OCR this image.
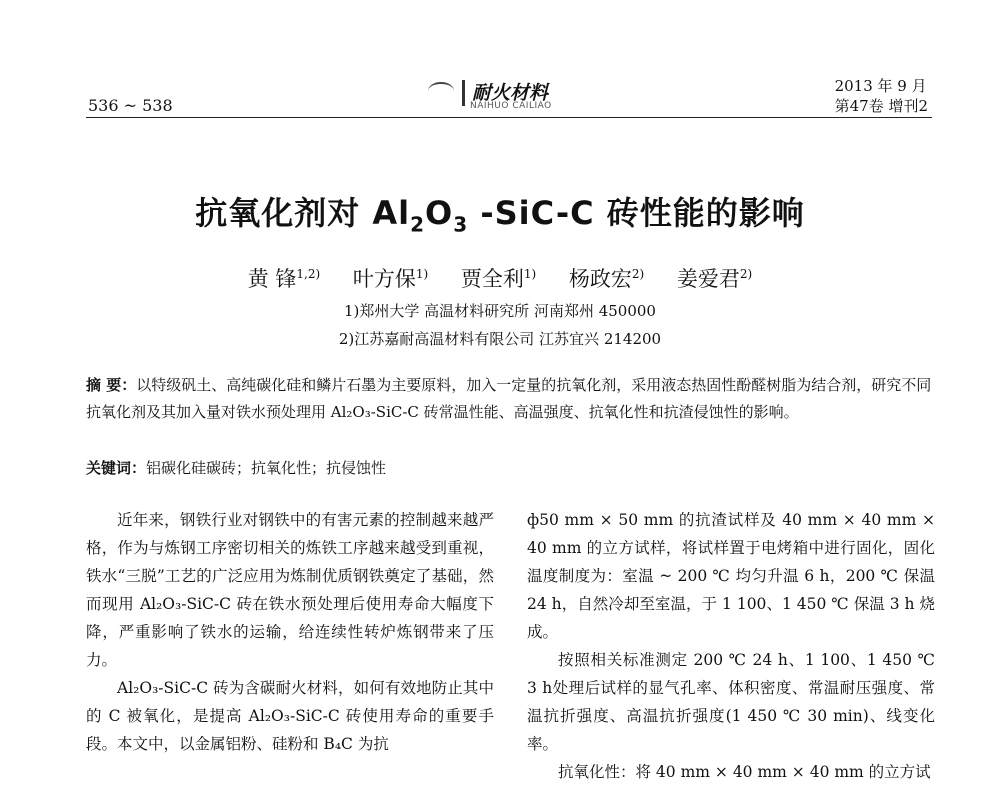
536 ~ 538
耐火材料
NAIHUO CAILIAO
2013 年 9 月
第47卷 增刊2
抗氧化剂对 $Al_2O_3$ -SiC-C 砖性能的影响
黄 锋$^{1,2)}$ 叶方保$^{1)}$ 贾全利$^{1)}$ 杨政宏$^{2)}$ 姜爱君$^{2)}$
1)郑州大学 高温材料研究所 河南郑州 450000
2)江苏嘉耐高温材料有限公司 江苏宜兴 214200
摘 要：以特级矾土、高纯碳化硅和鳞片石墨为主要原料，加入一定量的抗氧化剂，采用液态热固性酚醛树脂为结合剂，研究不同抗氧化剂及其加入量对铁水预处理用 Al₂O₃-SiC-C 砖常温性能、高温强度、抗氧化性和抗渣侵蚀性的影响。
关键词：铝碳化硅碳砖；抗氧化性；抗侵蚀性

近年来，钢铁行业对钢铁中的有害元素的控制越来越严格，作为与炼钢工序密切相关的炼铁工序越来越受到重视，铁水“三脱”工艺的广泛应用为炼制优质钢铁奠定了基础，然而现用 Al₂O₃-SiC-C 砖在铁水预处理后使用寿命大幅度下降，严重影响了铁水的运输，给连续性转炉炼钢带来了压力。

Al₂O₃-SiC-C 砖为含碳耐火材料，如何有效地防止其中的 C 被氧化，是提高 Al₂O₃-SiC-C 砖使用寿命的重要手段。本文中，以金属铝粉、硅粉和 B₄C 为抗

ф50 mm × 50 mm 的抗渣试样及 40 mm × 40 mm × 40 mm 的立方试样，将试样置于电烤箱中进行固化，固化温度制度为：室温 ~ 200 ℃ 均匀升温 6 h，200 ℃ 保温 24 h，自然冷却至室温，于 1 100、1 450 ℃ 保温 3 h 烧成。

按照相关标准测定 200 ℃ 24 h、1 100、1 450 ℃ 3 h处理后试样的显气孔率、体积密度、常温耐压强度、常温抗折强度、高温抗折强度(1 450 ℃ 30 min)、线变化率。

抗氧化性：将 40 mm × 40 mm × 40 mm 的立方试
